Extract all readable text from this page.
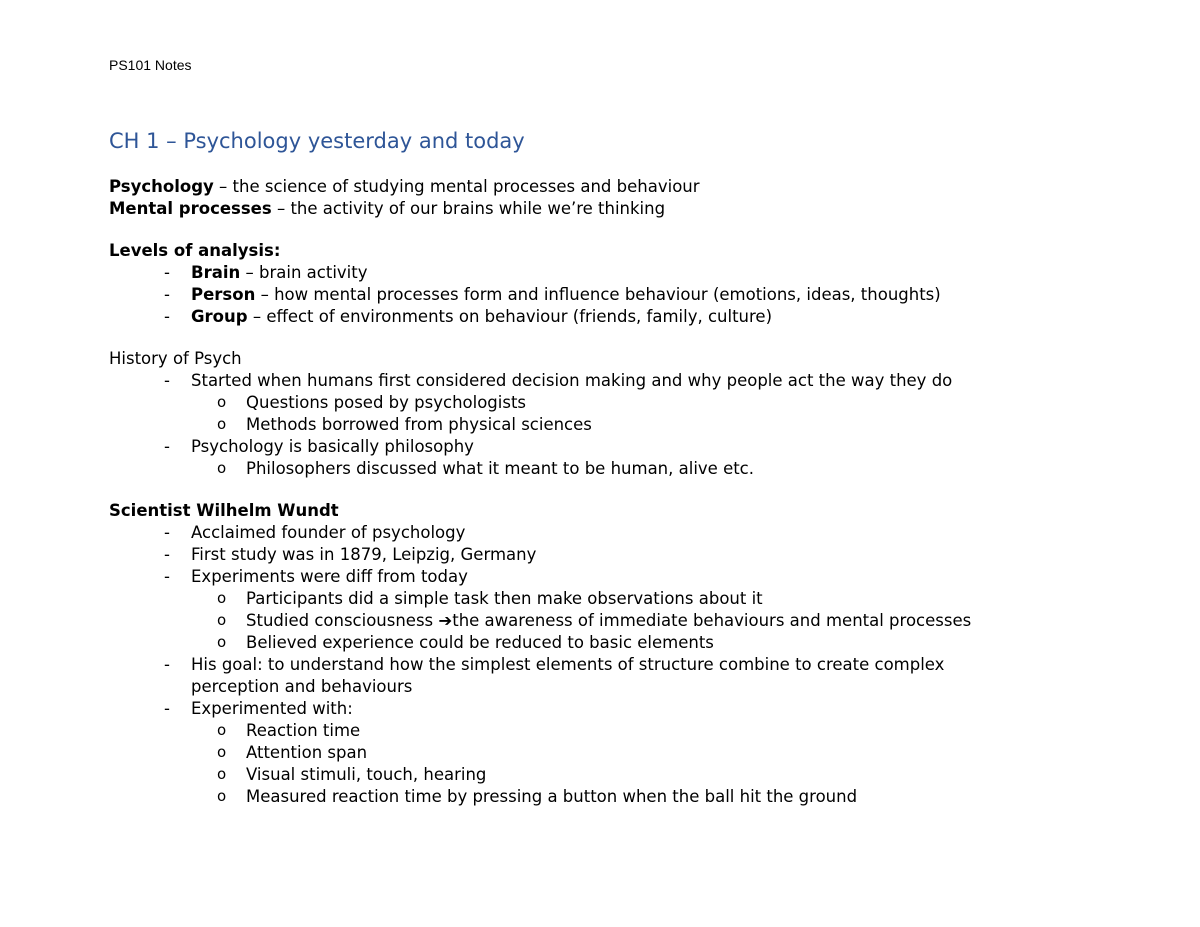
PS101 Notes
CH 1 – Psychology yesterday and today
Psychology – the science of studying mental processes and behaviour
Mental processes – the activity of our brains while we’re thinking
Levels of analysis:
- Brain – brain activity
- Person – how mental processes form and influence behaviour (emotions, ideas, thoughts)
- Group – effect of environments on behaviour (friends, family, culture)
History of Psych
- Started when humans first considered decision making and why people act the way they do
o Questions posed by psychologists
o Methods borrowed from physical sciences
- Psychology is basically philosophy
o Philosophers discussed what it meant to be human, alive etc.
Scientist Wilhelm Wundt
- Acclaimed founder of psychology
- First study was in 1879, Leipzig, Germany
- Experiments were diff from today
o Participants did a simple task then make observations about it
o Studied consciousness ➔the awareness of immediate behaviours and mental processes
o Believed experience could be reduced to basic elements
- His goal: to understand how the simplest elements of structure combine to create complex perception and behaviours
- Experimented with:
o Reaction time
o Attention span
o Visual stimuli, touch, hearing
o Measured reaction time by pressing a button when the ball hit the ground
